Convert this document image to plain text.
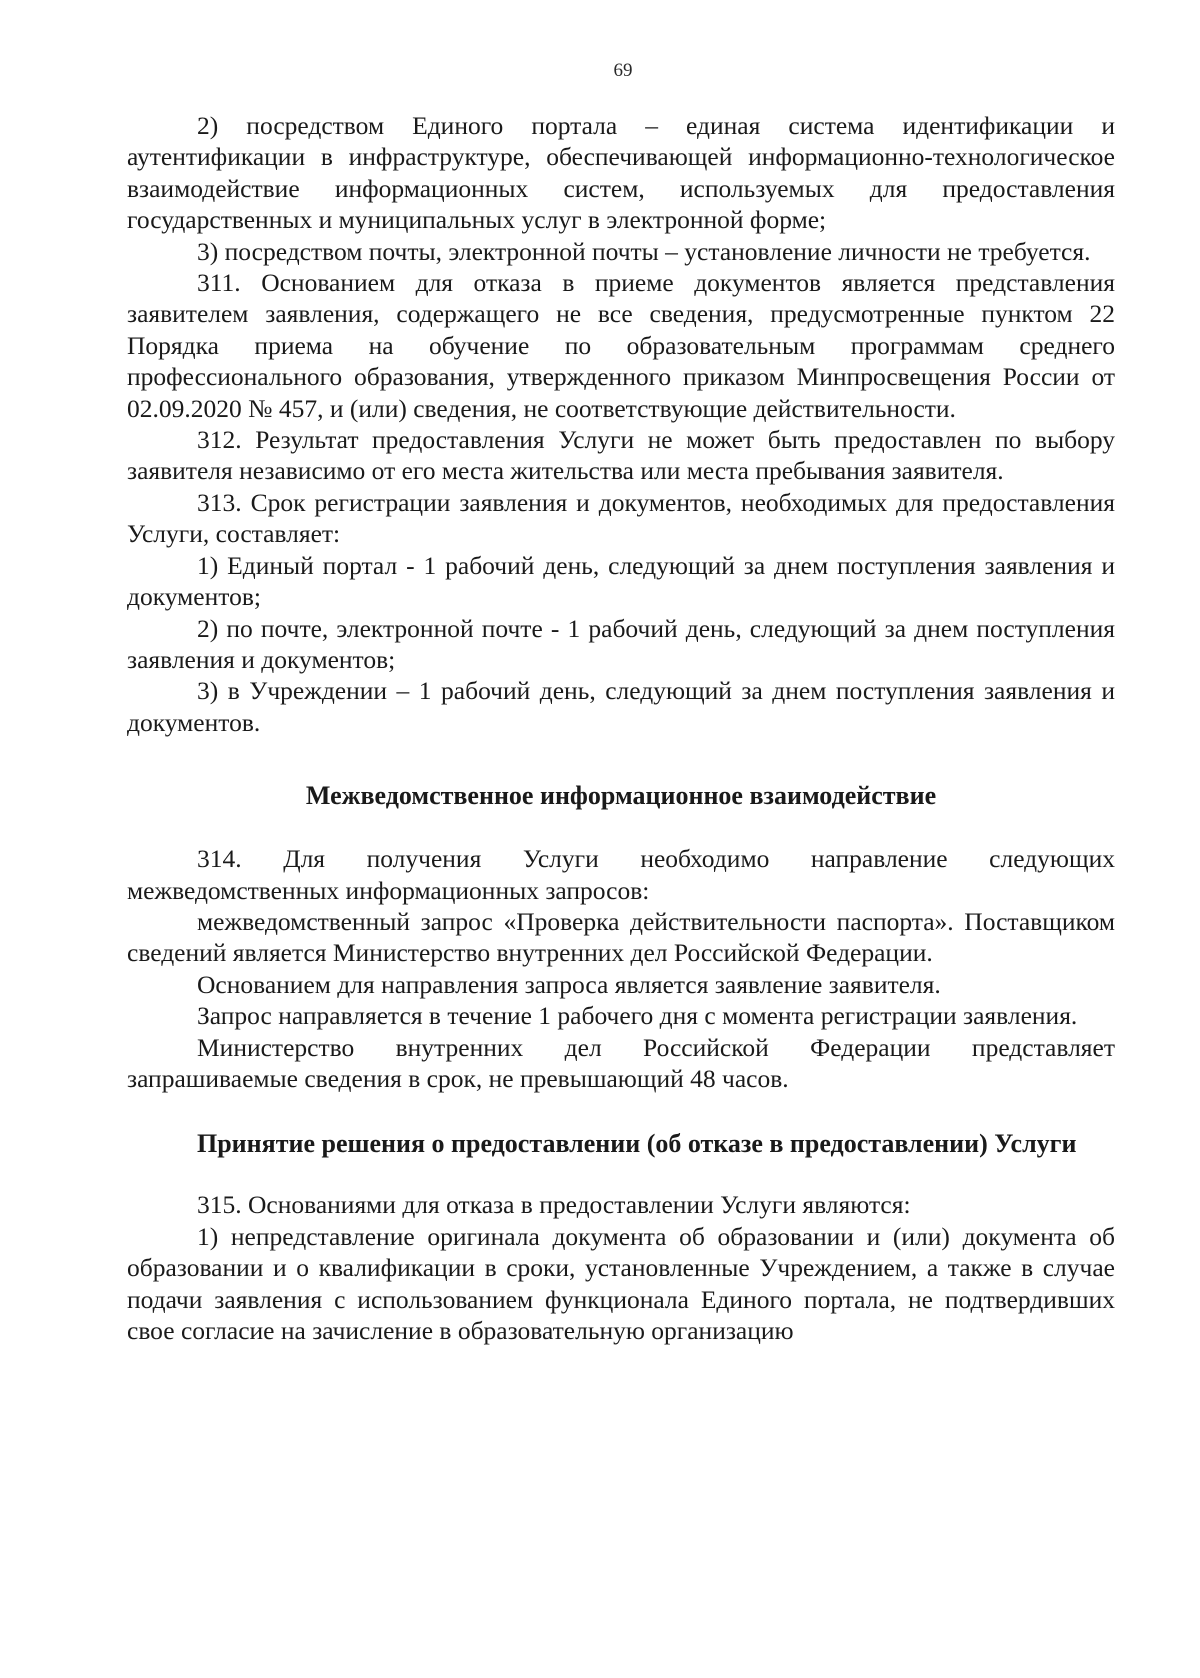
69

2) посредством Единого портала – единая система идентификации и аутентификации в инфраструктуре, обеспечивающей информационно-технологическое взаимодействие информационных систем, используемых для предоставления государственных и муниципальных услуг в электронной форме;

3) посредством почты, электронной почты – установление личности не требуется.

311. Основанием для отказа в приеме документов является представления заявителем заявления, содержащего не все сведения, предусмотренные пунктом 22 Порядка приема на обучение по образовательным программам среднего профессионального образования, утвержденного приказом Минпросвещения России от 02.09.2020 № 457, и (или) сведения, не соответствующие действительности.

312. Результат предоставления Услуги не может быть предоставлен по выбору заявителя независимо от его места жительства или места пребывания заявителя.

313. Срок регистрации заявления и документов, необходимых для предоставления Услуги, составляет:

1) Единый портал - 1 рабочий день, следующий за днем поступления заявления и документов;

2) по почте, электронной почте - 1 рабочий день, следующий за днем поступления заявления и документов;

3) в Учреждении – 1 рабочий день, следующий за днем поступления заявления и документов.

Межведомственное информационное взаимодействие

314. Для получения Услуги необходимо направление следующих межведомственных информационных запросов:

межведомственный запрос «Проверка действительности паспорта». Поставщиком сведений является Министерство внутренних дел Российской Федерации.

Основанием для направления запроса является заявление заявителя.

Запрос направляется в течение 1 рабочего дня с момента регистрации заявления.

Министерство внутренних дел Российской Федерации представляет запрашиваемые сведения в срок, не превышающий 48 часов.

Принятие решения о предоставлении (об отказе в предоставлении) Услуги

315. Основаниями для отказа в предоставлении Услуги являются:

1) непредставление оригинала документа об образовании и (или) документа об образовании и о квалификации в сроки, установленные Учреждением, а также в случае подачи заявления с использованием функционала Единого портала, не подтвердивших свое согласие на зачисление в образовательную организацию
